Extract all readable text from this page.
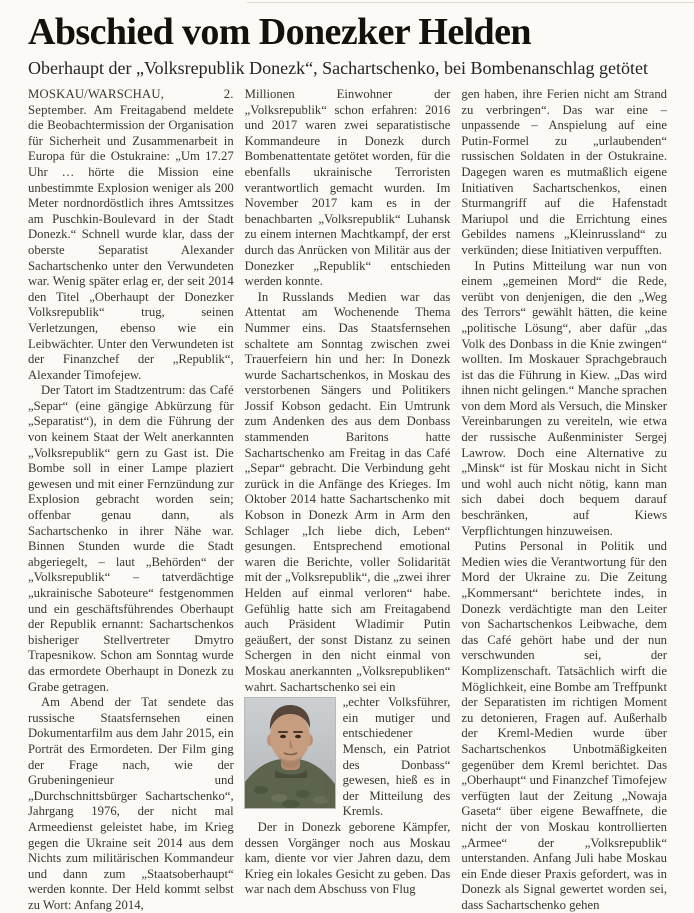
Abschied vom Donezker Helden
Oberhaupt der „Volksrepublik Donezk“, Sachartschenko, bei Bombenanschlag getötet

MOSKAU/WARSCHAU, 2. September. Am Freitagabend meldete die Beobachtermission der Organisation für Sicherheit und Zusammenarbeit in Europa für die Ostukraine: „Um 17.27 Uhr … hörte die Mission eine unbestimmte Explosion weniger als 200 Meter nordnordöstlich ihres Amtssitzes am Puschkin-Boulevard in der Stadt Donezk.“ Schnell wurde klar, dass der oberste Separatist Alexander Sachartschenko unter den Verwundeten war. Wenig später erlag er, der seit 2014 den Titel „Oberhaupt der Donezker Volksrepublik“ trug, seinen Verletzungen, ebenso wie ein Leibwächter. Unter den Verwundeten ist der Finanzchef der „Republik“, Alexander Timofejew.

Der Tatort im Stadtzentrum: das Café „Separ“ (eine gängige Abkürzung für „Separatist“), in dem die Führung der von keinem Staat der Welt anerkannten „Volksrepublik“ gern zu Gast ist. Die Bombe soll in einer Lampe plaziert gewesen und mit einer Fernzündung zur Explosion gebracht worden sein; offenbar genau dann, als Sachartschenko in ihrer Nähe war. Binnen Stunden wurde die Stadt abgeriegelt, – laut „Behörden“ der „Volksrepublik“ – tatverdächtige „ukrainische Saboteure“ festgenommen und ein geschäftsführendes Oberhaupt der Republik ernannt: Sachartschenkos bisheriger Stellvertreter Dmytro Trapesnikow. Schon am Sonntag wurde das ermordete Oberhaupt in Donezk zu Grabe getragen.

Am Abend der Tat sendete das russische Staatsfernsehen einen Dokumentarfilm aus dem Jahr 2015, ein Porträt des Ermordeten. Der Film ging der Frage nach, wie der Grubeningenieur und „Durchschnittsbürger Sachartschenko“, Jahrgang 1976, der nicht mal Armeedienst geleistet habe, im Krieg gegen die Ukraine seit 2014 aus dem Nichts zum militärischen Kommandeur und dann zum „Staatsoberhaupt“ werden konnte. Der Held kommt selbst zu Wort: Anfang 2014,

Millionen Einwohner der „Volksrepublik“ schon erfahren: 2016 und 2017 waren zwei separatistische Kommandeure in Donezk durch Bombenattentate getötet worden, für die ebenfalls ukrainische Terroristen verantwortlich gemacht wurden. Im November 2017 kam es in der benachbarten „Volksrepublik“ Luhansk zu einem internen Machtkampf, der erst durch das Anrücken von Militär aus der Donezker „Republik“ entschieden werden konnte.

In Russlands Medien war das Attentat am Wochenende Thema Nummer eins. Das Staatsfernsehen schaltete am Sonntag zwischen zwei Trauerfeiern hin und her: In Donezk wurde Sachartschenkos, in Moskau des verstorbenen Sängers und Politikers Jossif Kobson gedacht. Ein Umtrunk zum Andenken des aus dem Donbass stammenden Baritons hatte Sachartschenko am Freitag in das Café „Separ“ gebracht. Die Verbindung geht zurück in die Anfänge des Krieges. Im Oktober 2014 hatte Sachartschenko mit Kobson in Donezk Arm in Arm den Schlager „Ich liebe dich, Leben“ gesungen. Entsprechend emotional waren die Berichte, voller Solidarität mit der „Volksrepublik“, die „zwei ihrer Helden auf einmal verloren“ habe. Gefühlig hatte sich am Freitagabend auch Präsident Wladimir Putin geäußert, der sonst Distanz zu seinen Schergen in den nicht einmal von Moskau anerkannten „Volksrepubliken“ wahrt. Sachartschenko sei ein

Foto AFP

„echter Volksführer, ein mutiger und entschiedener Mensch, ein Patriot des Donbass“ gewesen, hieß es in der Mitteilung des Kremls.

Der in Donezk geborene Kämpfer, dessen Vorgänger noch aus Moskau kam, diente vor vier Jahren dazu, dem Krieg ein lokales Gesicht zu geben. Das war nach dem Abschuss von Flug

gen haben, ihre Ferien nicht am Strand zu verbringen“. Das war eine – unpassende – Anspielung auf eine Putin-Formel zu „urlaubenden“ russischen Soldaten in der Ostukraine. Dagegen waren es mutmaßlich eigene Initiativen Sachartschenkos, einen Sturmangriff auf die Hafenstadt Mariupol und die Errichtung eines Gebildes namens „Kleinrussland“ zu verkünden; diese Initiativen verpufften.

In Putins Mitteilung war nun von einem „gemeinen Mord“ die Rede, verübt von denjenigen, die den „Weg des Terrors“ gewählt hätten, die keine „politische Lösung“, aber dafür „das Volk des Donbass in die Knie zwingen“ wollten. Im Moskauer Sprachgebrauch ist das die Führung in Kiew. „Das wird ihnen nicht gelingen.“ Manche sprachen von dem Mord als Versuch, die Minsker Vereinbarungen zu vereiteln, wie etwa der russische Außenminister Sergej Lawrow. Doch eine Alternative zu „Minsk“ ist für Moskau nicht in Sicht und wohl auch nicht nötig, kann man sich dabei doch bequem darauf beschränken, auf Kiews Verpflichtungen hinzuweisen.

Putins Personal in Politik und Medien wies die Verantwortung für den Mord der Ukraine zu. Die Zeitung „Kommersant“ berichtete indes, in Donezk verdächtigte man den Leiter von Sachartschenkos Leibwache, dem das Café gehört habe und der nun verschwunden sei, der Komplizenschaft. Tatsächlich wirft die Möglichkeit, eine Bombe am Treffpunkt der Separatisten im richtigen Moment zu detonieren, Fragen auf. Außerhalb der Kreml-Medien wurde über Sachartschenkos Unbotmäßigkeiten gegenüber dem Kreml berichtet. Das „Oberhaupt“ und Finanzchef Timofejew verfügten laut der Zeitung „Nowaja Gaseta“ über eigene Bewaffnete, die nicht der von Moskau kontrollierten „Armee“ der „Volksrepublik“ unterstanden. Anfang Juli habe Moskau ein Ende dieser Praxis gefordert, was in Donezk als Signal gewertet worden sei, dass Sachartschenko gehen
